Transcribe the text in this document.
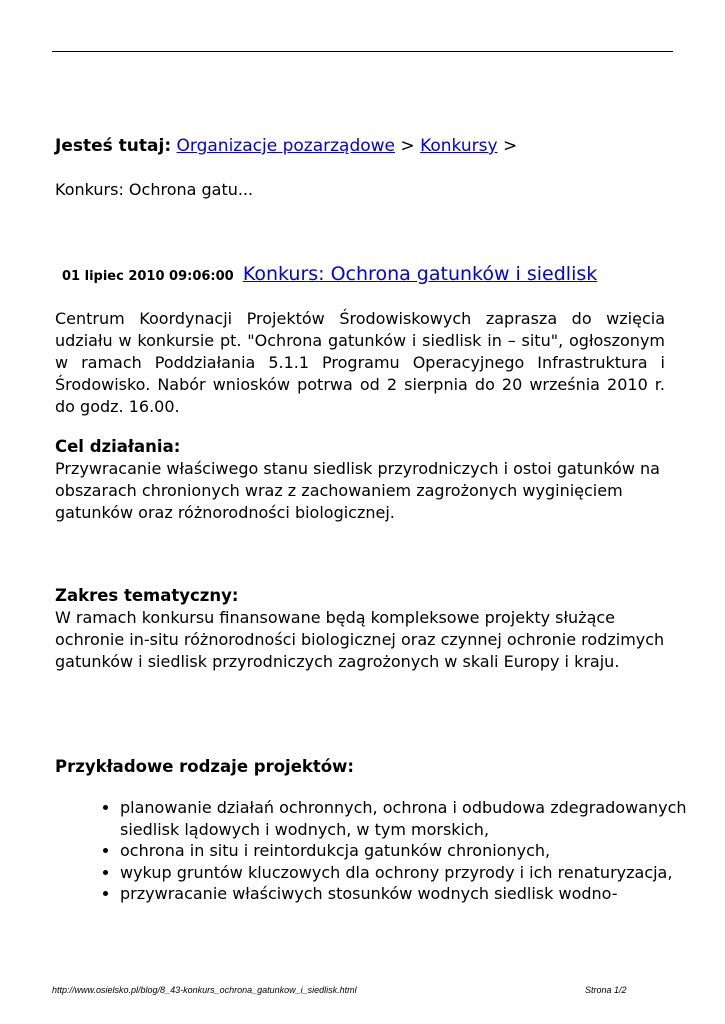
Jesteś tutaj: Organizacje pozarządowe > Konkursy >
Konkurs: Ochrona gatu...
01 lipiec 2010 09:06:00 Konkurs: Ochrona gatunków i siedlisk

Centrum Koordynacji Projektów Środowiskowych zaprasza do wzięcia udziału w konkursie pt. "Ochrona gatunków i siedlisk in – situ", ogłoszonym w ramach Poddziałania 5.1.1 Programu Operacyjnego Infrastruktura i Środowisko. Nabór wniosków potrwa od 2 sierpnia do 20 września 2010 r. do godz. 16.00.

Cel działania:

Przywracanie właściwego stanu siedlisk przyrodniczych i ostoi gatunków na obszarach chronionych wraz z zachowaniem zagrożonych wyginięciem gatunków oraz różnorodności biologicznej.

Zakres tematyczny:

W ramach konkursu finansowane będą kompleksowe projekty służące ochronie in-situ różnorodności biologicznej oraz czynnej ochronie rodzimych gatunków i siedlisk przyrodniczych zagrożonych w skali Europy i kraju.

Przykładowe rodzaje projektów:
• planowanie działań ochronnych, ochrona i odbudowa zdegradowanych siedlisk lądowych i wodnych, w tym morskich,
• ochrona in situ i reintordukcja gatunków chronionych,
• wykup gruntów kluczowych dla ochrony przyrody i ich renaturyzacja,
• przywracanie właściwych stosunków wodnych siedlisk wodno-
http://www.osielsko.pl/blog/8_43-konkurs_ochrona_gatunkow_i_siedlisk.html	Strona 1/2
